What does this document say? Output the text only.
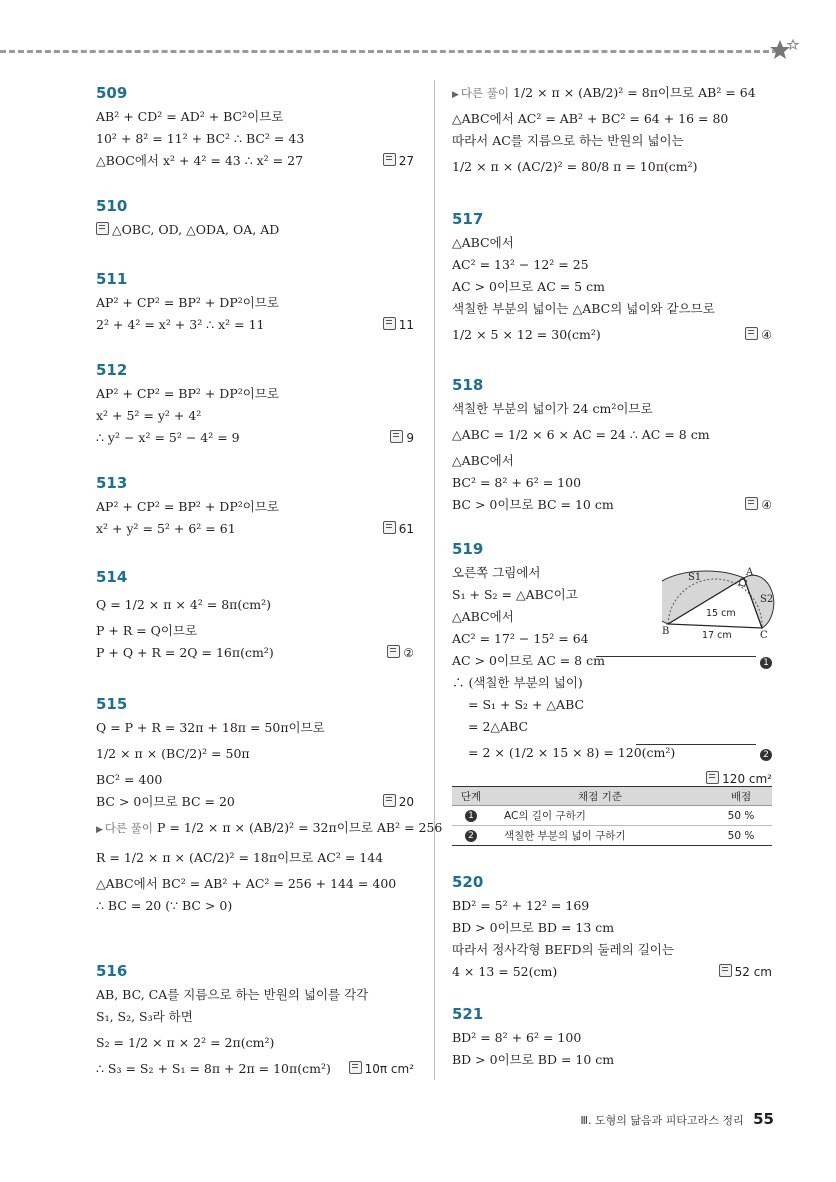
509
AB² + CD² = AD² + BC²이므로
10² + 8² = 11² + BC² ∴ BC² = 43
△BOC에서 x² + 4² = 43 ∴ x² = 27	27
510
△OBC, OD, △ODA, OA, AD
511
AP² + CP² = BP² + DP²이므로
2² + 4² = x² + 3² ∴ x² = 11	11
512
AP² + CP² = BP² + DP²이므로
x² + 5² = y² + 4²
∴ y² − x² = 5² − 4² = 9	9
513
AP² + CP² = BP² + DP²이므로
x² + y² = 5² + 6² = 61	61
514
Q = 1/2 × π × 4² = 8π(cm²)
P + R = Q이므로
P + Q + R = 2Q = 16π(cm²)	②
515
Q = P + R = 32π + 18π = 50π이므로
1/2 × π × (BC/2)² = 50π
BC² = 400
BC > 0이므로 BC = 20	20
▶ 다른 풀이 P = 1/2 × π × (AB/2)² = 32π이므로 AB² = 256
R = 1/2 × π × (AC/2)² = 18π이므로 AC² = 144
△ABC에서 BC² = AB² + AC² = 256 + 144 = 400
∴ BC = 20 (∵ BC > 0)
516
AB, BC, CA를 지름으로 하는 반원의 넓이를 각각
S₁, S₂, S₃라 하면
S₂ = 1/2 × π × 2² = 2π(cm²)
∴ S₃ = S₂ + S₁ = 8π + 2π = 10π(cm²)	10π cm²
▶ 다른 풀이 1/2 × π × (AB/2)² = 8π이므로 AB² = 64
△ABC에서 AC² = AB² + BC² = 64 + 16 = 80
따라서 AC를 지름으로 하는 반원의 넓이는
1/2 × π × (AC/2)² = 80/8 π = 10π(cm²)
517
△ABC에서
AC² = 13² − 12² = 25
AC > 0이므로 AC = 5 cm
색칠한 부분의 넓이는 △ABC의 넓이와 같으므로
1/2 × 5 × 12 = 30(cm²)	④
518
색칠한 부분의 넓이가 24 cm²이므로
△ABC = 1/2 × 6 × AC = 24 ∴ AC = 8 cm
△ABC에서
BC² = 8² + 6² = 100
BC > 0이므로 BC = 10 cm	④
519
오른쪽 그림에서
S₁ + S₂ = △ABC이고
△ABC에서
AC² = 17² − 15² = 64
AC > 0이므로 AC = 8 cm	1
∴ (색칠한 부분의 넓이)
= S₁ + S₂ + △ABC
= 2△ABC
= 2 × (1/2 × 15 × 8) = 120(cm²)	2
120 cm²
S1	A
B	C
S2
15 cm
17 cm
단계	채점 기준	배점
1	AC의 길이 구하기	50 %
2	색칠한 부분의 넓이 구하기	50 %
520
BD² = 5² + 12² = 169
BD > 0이므로 BD = 13 cm
따라서 정사각형 BEFD의 둘레의 길이는
4 × 13 = 52(cm)	52 cm
521
BD² = 8² + 6² = 100
BD > 0이므로 BD = 10 cm
Ⅲ. 도형의 닮음과 피타고라스 정리 55
